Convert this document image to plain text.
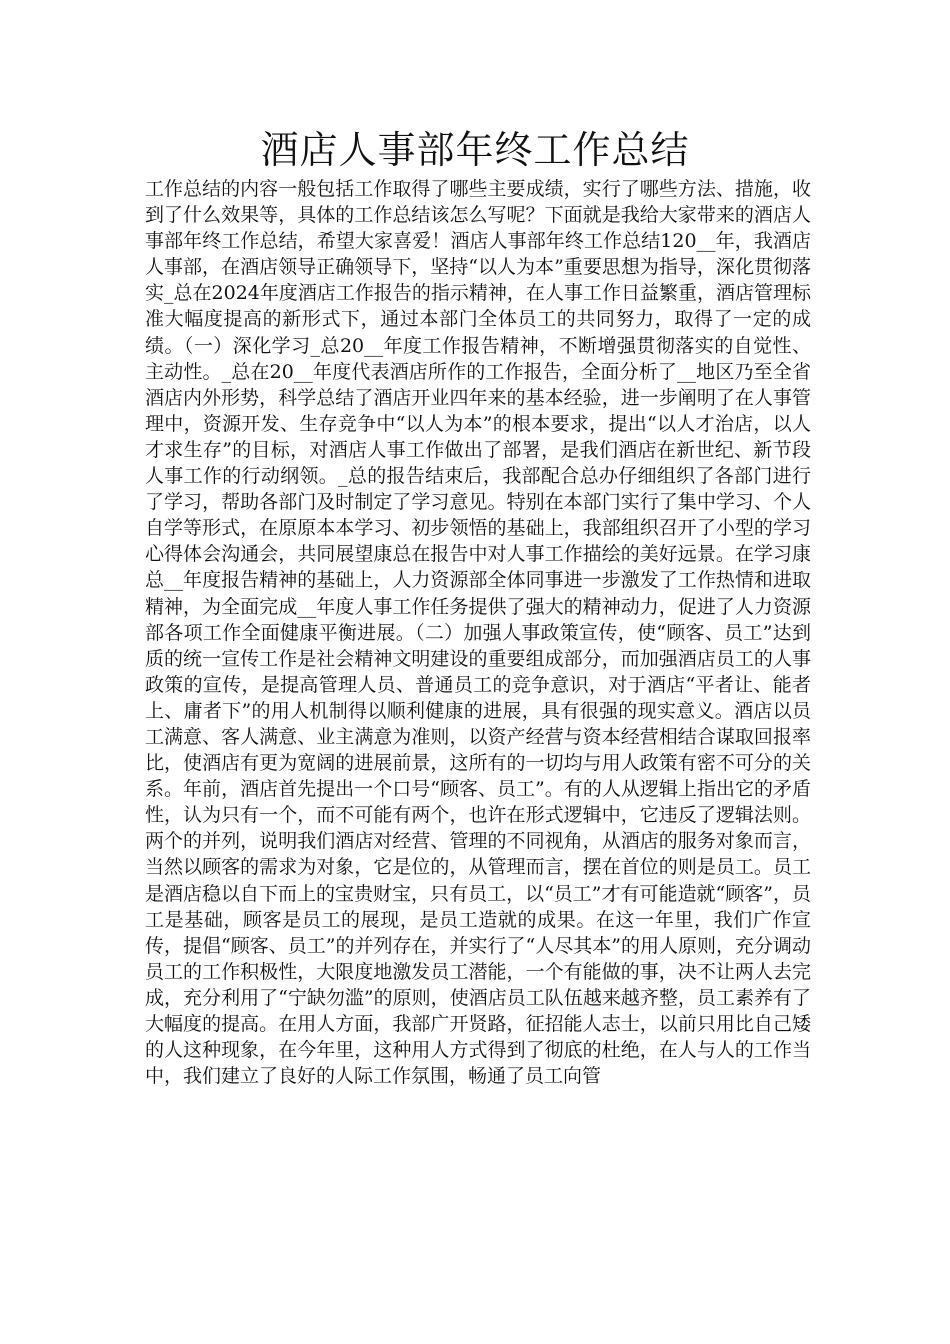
酒店人事部年终工作总结

工作总结的内容一般包括工作取得了哪些主要成绩，实行了哪些方法、措施，收到了什么效果等，具体的工作总结该怎么写呢？下面就是我给大家带来的酒店人事部年终工作总结，希望大家喜爱！酒店人事部年终工作总结120__年，我酒店人事部，在酒店领导正确领导下，坚持“以人为本”重要思想为指导，深化贯彻落实_总在2024年度酒店工作报告的指示精神，在人事工作日益繁重，酒店管理标准大幅度提高的新形式下，通过本部门全体员工的共同努力，取得了一定的成绩。（一）深化学习_总20__年度工作报告精神，不断增强贯彻落实的自觉性、主动性。_总在20__年度代表酒店所作的工作报告，全面分析了__地区乃至全省酒店内外形势，科学总结了酒店开业四年来的基本经验，进一步阐明了在人事管理中，资源开发、生存竞争中“以人为本”的根本要求，提出“以人才治店，以人才求生存”的目标，对酒店人事工作做出了部署，是我们酒店在新世纪、新节段人事工作的行动纲领。_总的报告结束后，我部配合总办仔细组织了各部门进行了学习，帮助各部门及时制定了学习意见。特别在本部门实行了集中学习、个人自学等形式，在原原本本学习、初步领悟的基础上，我部组织召开了小型的学习心得体会沟通会，共同展望康总在报告中对人事工作描绘的美好远景。在学习康总__年度报告精神的基础上，人力资源部全体同事进一步激发了工作热情和进取精神，为全面完成__年度人事工作任务提供了强大的精神动力，促进了人力资源部各项工作全面健康平衡进展。（二）加强人事政策宣传，使“顾客、员工”达到质的统一宣传工作是社会精神文明建设的重要组成部分，而加强酒店员工的人事政策的宣传，是提高管理人员、普通员工的竞争意识，对于酒店“平者让、能者上、庸者下”的用人机制得以顺利健康的进展，具有很强的现实意义。酒店以员工满意、客人满意、业主满意为准则，以资产经营与资本经营相结合谋取回报率比，使酒店有更为宽阔的进展前景，这所有的一切均与用人政策有密不可分的关系。年前，酒店首先提出一个口号“顾客、员工”。有的人从逻辑上指出它的矛盾性，认为只有一个，而不可能有两个，也许在形式逻辑中，它违反了逻辑法则。两个的并列，说明我们酒店对经营、管理的不同视角，从酒店的服务对象而言，当然以顾客的需求为对象，它是位的，从管理而言，摆在首位的则是员工。员工是酒店稳以自下而上的宝贵财宝，只有员工，以“员工”才有可能造就“顾客”，员工是基础，顾客是员工的展现，是员工造就的成果。在这一年里，我们广作宣传，提倡“顾客、员工”的并列存在，并实行了“人尽其本”的用人原则，充分调动员工的工作积极性，大限度地激发员工潜能，一个有能做的事，决不让两人去完成，充分利用了“宁缺勿滥”的原则，使酒店员工队伍越来越齐整，员工素养有了大幅度的提高。在用人方面，我部广开贤路，征招能人志士，以前只用比自己矮的人这种现象，在今年里，这种用人方式得到了彻底的杜绝，在人与人的工作当中，我们建立了良好的人际工作氛围，畅通了员工向管
